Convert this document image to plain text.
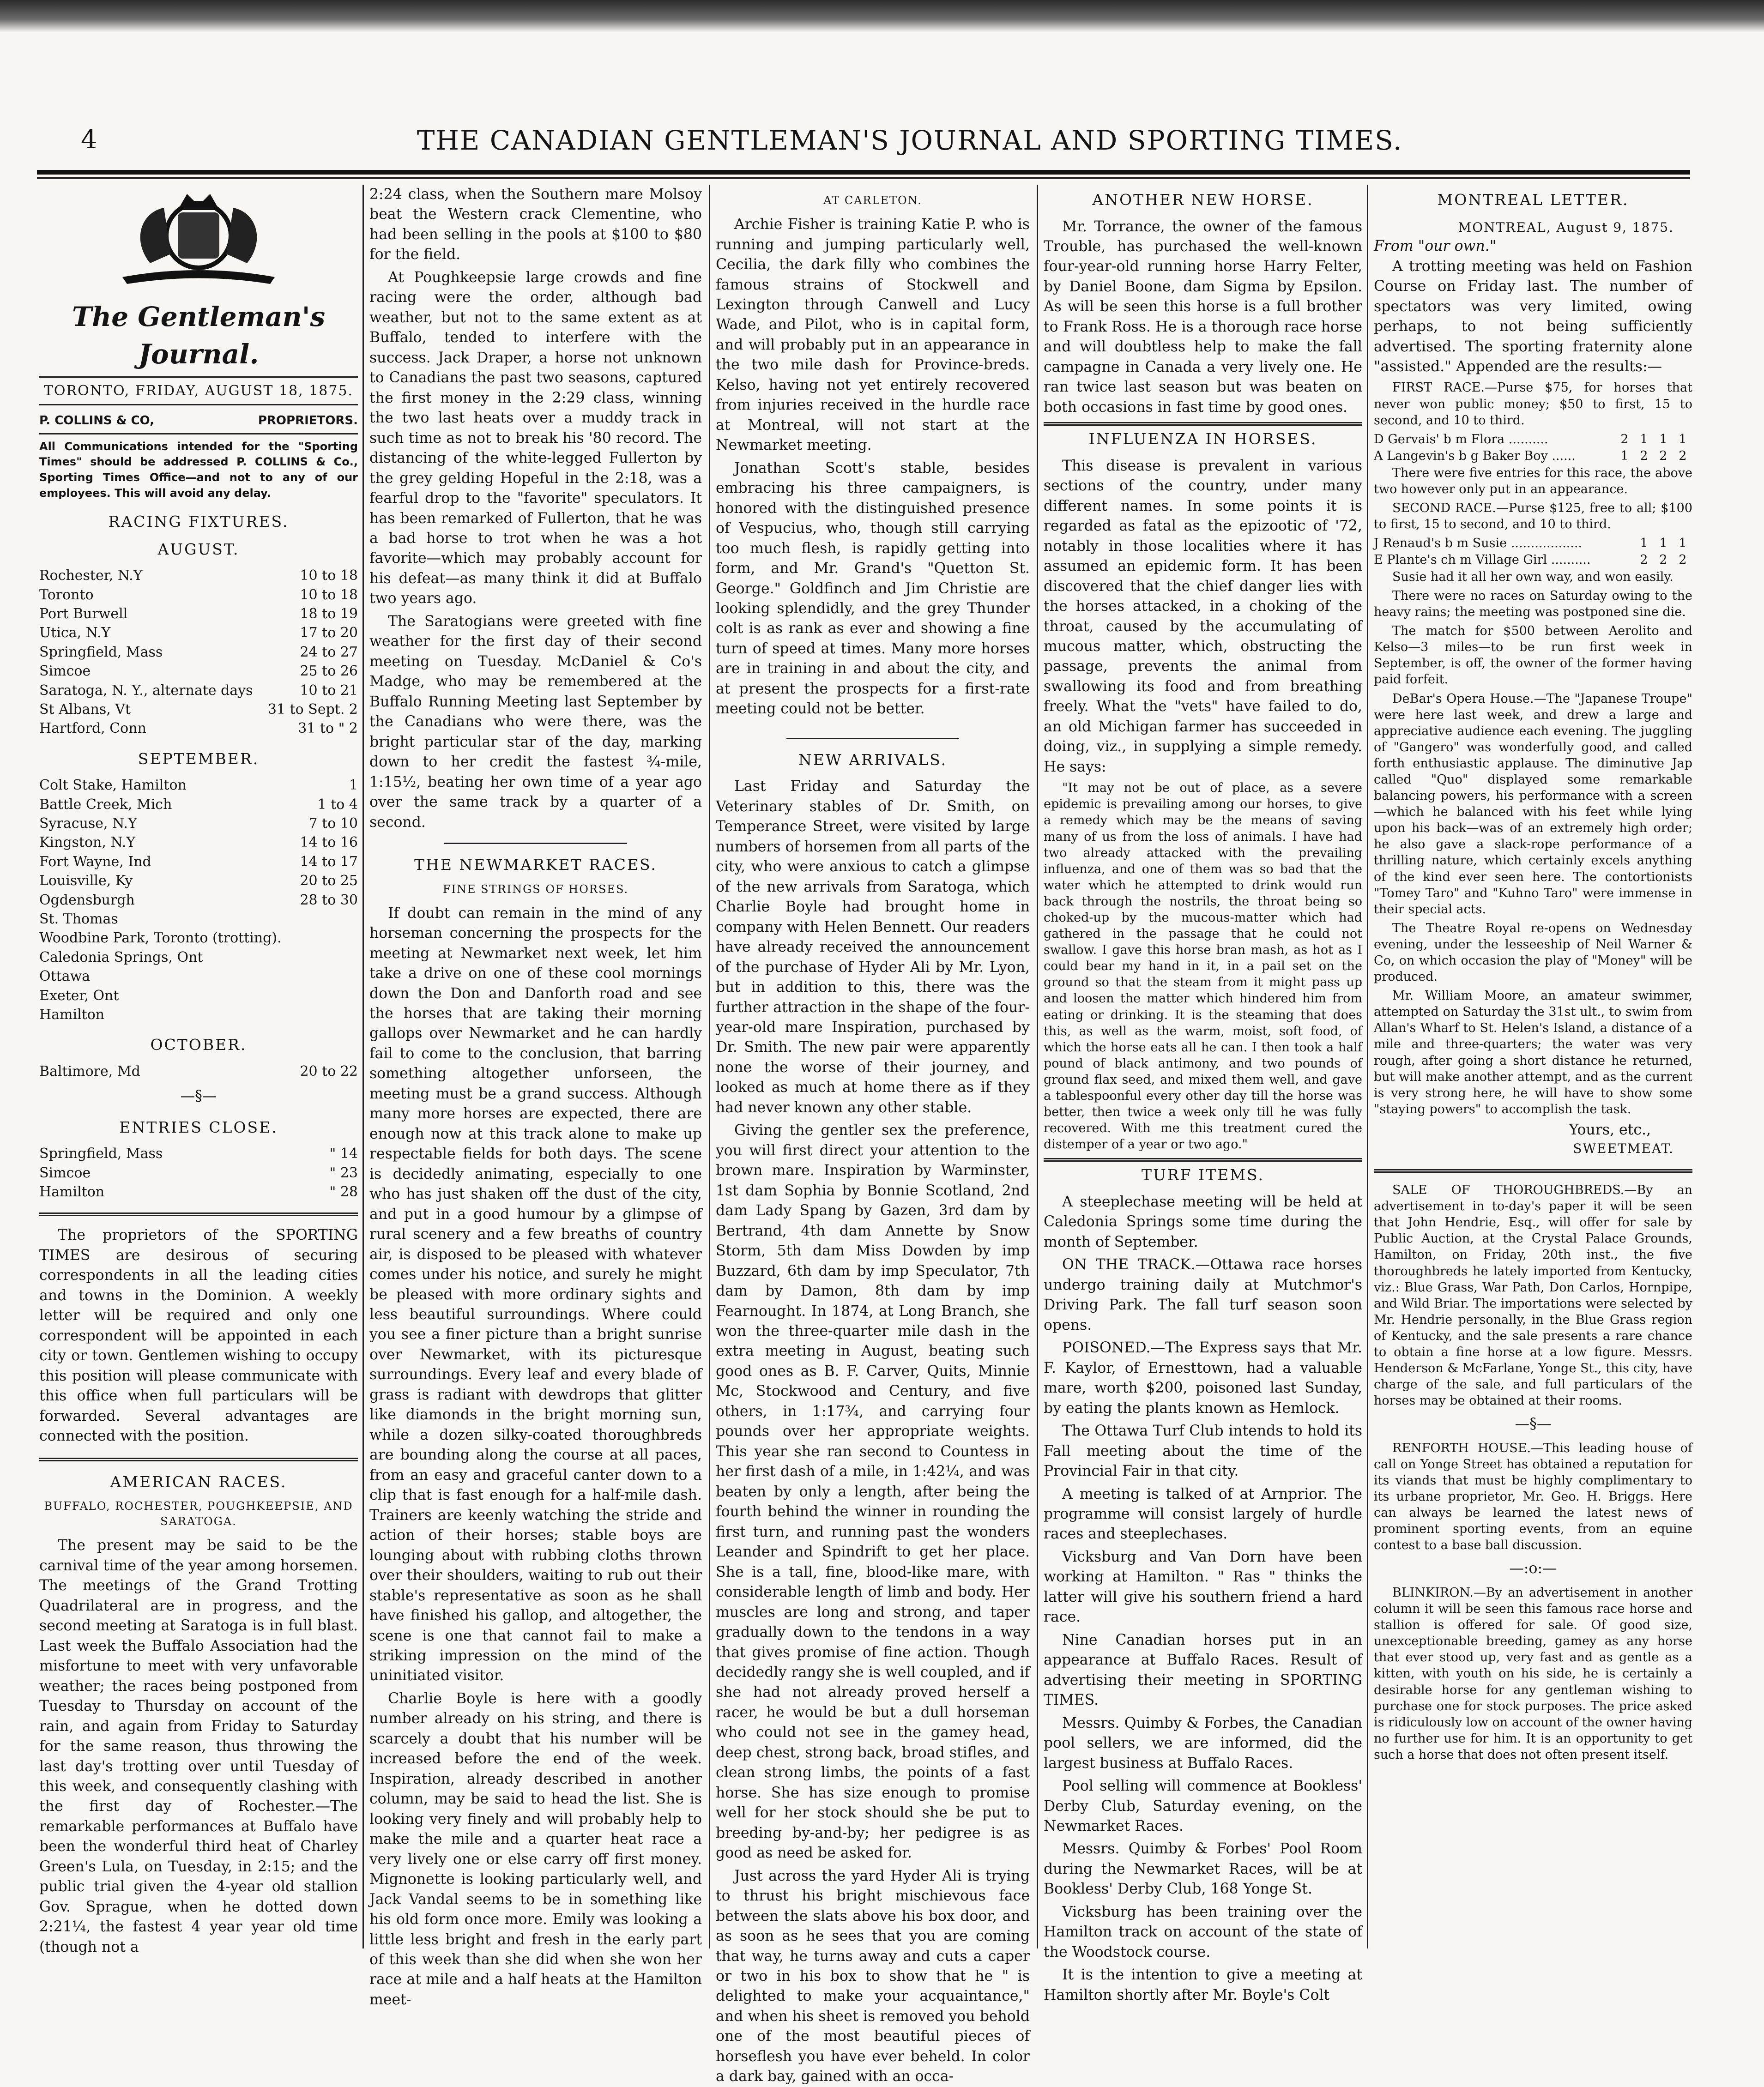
4	THE CANADIAN GENTLEMAN'S JOURNAL AND SPORTING TIMES.
The Gentleman's Journal.
TORONTO, FRIDAY, AUGUST 18, 1875.
P. COLLINS & CO,	PROPRIETORS.

All Communications intended for the "Sporting Times" should be addressed P. COLLINS & Co., Sporting Times Office—and not to any of our employees. This will avoid any delay.

RACING FIXTURES.
AUGUST.
Rochester, N.Y	10 to 18
Toronto	10 to 18
Port Burwell	18 to 19
Utica, N.Y	17 to 20
Springfield, Mass	24 to 27
Simcoe	25 to 26
Saratoga, N. Y., alternate days	10 to 21
St Albans, Vt	31 to Sept. 2
Hartford, Conn	31 to " 2
SEPTEMBER.
Colt Stake, Hamilton	1
Battle Creek, Mich	1 to 4
Syracuse, N.Y	7 to 10
Kingston, N.Y	14 to 16
Fort Wayne, Ind	14 to 17
Louisville, Ky	20 to 25
Ogdensburgh	28 to 30
St. Thomas
Woodbine Park, Toronto (trotting).
Caledonia Springs, Ont
Ottawa
Exeter, Ont
Hamilton
OCTOBER.
Baltimore, Md	20 to 22
—§—
ENTRIES CLOSE.
Springfield, Mass	" 14
Simcoe	" 23
Hamilton	" 28

The proprietors of the SPORTING TIMES are desirous of securing correspondents in all the leading cities and towns in the Dominion. A weekly letter will be required and only one correspondent will be appointed in each city or town. Gentlemen wishing to occupy this position will please communicate with this office when full particulars will be forwarded. Several advantages are connected with the position.

AMERICAN RACES.
BUFFALO, ROCHESTER, POUGHKEEPSIE, AND SARATOGA.

The present may be said to be the carnival time of the year among horsemen. The meetings of the Grand Trotting Quadrilateral are in progress, and the second meeting at Saratoga is in full blast. Last week the Buffalo Association had the misfortune to meet with very unfavorable weather; the races being postponed from Tuesday to Thursday on account of the rain, and again from Friday to Saturday for the same reason, thus throwing the last day's trotting over until Tuesday of this week, and consequently clashing with the first day of Rochester.—The remarkable performances at Buffalo have been the wonderful third heat of Charley Green's Lula, on Tuesday, in 2:15; and the public trial given the 4-year old stallion Gov. Sprague, when he dotted down 2:21¼, the fastest 4 year year old time (though not a

2:24 class, when the Southern mare Molsoy beat the Western crack Clementine, who had been selling in the pools at $100 to $80 for the field.

At Poughkeepsie large crowds and fine racing were the order, although bad weather, but not to the same extent as at Buffalo, tended to interfere with the success. Jack Draper, a horse not unknown to Canadians the past two seasons, captured the first money in the 2:29 class, winning the two last heats over a muddy track in such time as not to break his '80 record. The distancing of the white-legged Fullerton by the grey gelding Hopeful in the 2:18, was a fearful drop to the "favorite" speculators. It has been remarked of Fullerton, that he was a bad horse to trot when he was a hot favorite—which may probably account for his defeat—as many think it did at Buffalo two years ago.

The Saratogians were greeted with fine weather for the first day of their second meeting on Tuesday. McDaniel & Co's Madge, who may be remembered at the Buffalo Running Meeting last September by the Canadians who were there, was the bright particular star of the day, marking down to her credit the fastest ¾-mile, 1:15½, beating her own time of a year ago over the same track by a quarter of a second.

THE NEWMARKET RACES.
FINE STRINGS OF HORSES.

If doubt can remain in the mind of any horseman concerning the prospects for the meeting at Newmarket next week, let him take a drive on one of these cool mornings down the Don and Danforth road and see the horses that are taking their morning gallops over Newmarket and he can hardly fail to come to the conclusion, that barring something altogether unforseen, the meeting must be a grand success. Although many more horses are expected, there are enough now at this track alone to make up respectable fields for both days. The scene is decidedly animating, especially to one who has just shaken off the dust of the city, and put in a good humour by a glimpse of rural scenery and a few breaths of country air, is disposed to be pleased with whatever comes under his notice, and surely he might be pleased with more ordinary sights and less beautiful surroundings. Where could you see a finer picture than a bright sunrise over Newmarket, with its picturesque surroundings. Every leaf and every blade of grass is radiant with dewdrops that glitter like diamonds in the bright morning sun, while a dozen silky-coated thoroughbreds are bounding along the course at all paces, from an easy and graceful canter down to a clip that is fast enough for a half-mile dash. Trainers are keenly watching the stride and action of their horses; stable boys are lounging about with rubbing cloths thrown over their shoulders, waiting to rub out their stable's representative as soon as he shall have finished his gallop, and altogether, the scene is one that cannot fail to make a striking impression on the mind of the uninitiated visitor.

Charlie Boyle is here with a goodly number already on his string, and there is scarcely a doubt that his number will be increased before the end of the week. Inspiration, already described in another column, may be said to head the list. She is looking very finely and will probably help to make the mile and a quarter heat race a very lively one or else carry off first money. Mignonette is looking particularly well, and Jack Vandal seems to be in something like his old form once more. Emily was looking a little less bright and fresh in the early part of this week than she did when she won her race at mile and a half heats at the Hamilton meet-

AT CARLETON.

Archie Fisher is training Katie P. who is running and jumping particularly well, Cecilia, the dark filly who combines the famous strains of Stockwell and Lexington through Canwell and Lucy Wade, and Pilot, who is in capital form, and will probably put in an appearance in the two mile dash for Province-breds. Kelso, having not yet entirely recovered from injuries received in the hurdle race at Montreal, will not start at the Newmarket meeting.

Jonathan Scott's stable, besides embracing his three campaigners, is honored with the distinguished presence of Vespucius, who, though still carrying too much flesh, is rapidly getting into form, and Mr. Grand's "Quetton St. George." Goldfinch and Jim Christie are looking splendidly, and the grey Thunder colt is as rank as ever and showing a fine turn of speed at times. Many more horses are in training in and about the city, and at present the prospects for a first-rate meeting could not be better.

NEW ARRIVALS.

Last Friday and Saturday the Veterinary stables of Dr. Smith, on Temperance Street, were visited by large numbers of horsemen from all parts of the city, who were anxious to catch a glimpse of the new arrivals from Saratoga, which Charlie Boyle had brought home in company with Helen Bennett. Our readers have already received the announcement of the purchase of Hyder Ali by Mr. Lyon, but in addition to this, there was the further attraction in the shape of the four-year-old mare Inspiration, purchased by Dr. Smith. The new pair were apparently none the worse of their journey, and looked as much at home there as if they had never known any other stable.

Giving the gentler sex the preference, you will first direct your attention to the brown mare. Inspiration by Warminster, 1st dam Sophia by Bonnie Scotland, 2nd dam Lady Spang by Gazen, 3rd dam by Bertrand, 4th dam Annette by Snow Storm, 5th dam Miss Dowden by imp Buzzard, 6th dam by imp Speculator, 7th dam by Damon, 8th dam by imp Fearnought. In 1874, at Long Branch, she won the three-quarter mile dash in the extra meeting in August, beating such good ones as B. F. Carver, Quits, Minnie Mc, Stockwood and Century, and five others, in 1:17¾, and carrying four pounds over her appropriate weights. This year she ran second to Countess in her first dash of a mile, in 1:42¼, and was beaten by only a length, after being the fourth behind the winner in rounding the first turn, and running past the wonders Leander and Spindrift to get her place. She is a tall, fine, blood-like mare, with considerable length of limb and body. Her muscles are long and strong, and taper gradually down to the tendons in a way that gives promise of fine action. Though decidedly rangy she is well coupled, and if she had not already proved herself a racer, he would be but a dull horseman who could not see in the gamey head, deep chest, strong back, broad stifles, and clean strong limbs, the points of a fast horse. She has size enough to promise well for her stock should she be put to breeding by-and-by; her pedigree is as good as need be asked for.

Just across the yard Hyder Ali is trying to thrust his bright mischievous face between the slats above his box door, and as soon as he sees that you are coming that way, he turns away and cuts a caper or two in his box to show that he " is delighted to make your acquaintance," and when his sheet is removed you behold one of the most beautiful pieces of horseflesh you have ever beheld. In color a dark bay, gained with an occa-

ANOTHER NEW HORSE.

Mr. Torrance, the owner of the famous Trouble, has purchased the well-known four-year-old running horse Harry Felter, by Daniel Boone, dam Sigma by Epsilon. As will be seen this horse is a full brother to Frank Ross. He is a thorough race horse and will doubtless help to make the fall campagne in Canada a very lively one. He ran twice last season but was beaten on both occasions in fast time by good ones.

INFLUENZA IN HORSES.

This disease is prevalent in various sections of the country, under many different names. In some points it is regarded as fatal as the epizootic of '72, notably in those localities where it has assumed an epidemic form. It has been discovered that the chief danger lies with the horses attacked, in a choking of the throat, caused by the accumulating of mucous matter, which, obstructing the passage, prevents the animal from swallowing its food and from breathing freely. What the "vets" have failed to do, an old Michigan farmer has succeeded in doing, viz., in supplying a simple remedy. He says:

"It may not be out of place, as a severe epidemic is prevailing among our horses, to give a remedy which may be the means of saving many of us from the loss of animals. I have had two already attacked with the prevailing influenza, and one of them was so bad that the water which he attempted to drink would run back through the nostrils, the throat being so choked-up by the mucous-matter which had gathered in the passage that he could not swallow. I gave this horse bran mash, as hot as I could bear my hand in it, in a pail set on the ground so that the steam from it might pass up and loosen the matter which hindered him from eating or drinking. It is the steaming that does this, as well as the warm, moist, soft food, of which the horse eats all he can. I then took a half pound of black antimony, and two pounds of ground flax seed, and mixed them well, and gave a tablespoonful every other day till the horse was better, then twice a week only till he was fully recovered. With me this treatment cured the distemper of a year or two ago."

TURF ITEMS.

A steeplechase meeting will be held at Caledonia Springs some time during the month of September.

ON THE TRACK.—Ottawa race horses undergo training daily at Mutchmor's Driving Park. The fall turf season soon opens.

POISONED.—The Express says that Mr. F. Kaylor, of Ernesttown, had a valuable mare, worth $200, poisoned last Sunday, by eating the plants known as Hemlock.

The Ottawa Turf Club intends to hold its Fall meeting about the time of the Provincial Fair in that city.

A meeting is talked of at Arnprior. The programme will consist largely of hurdle races and steeplechases.

Vicksburg and Van Dorn have been working at Hamilton. " Ras " thinks the latter will give his southern friend a hard race.

Nine Canadian horses put in an appearance at Buffalo Races. Result of advertising their meeting in SPORTING TIMES.

Messrs. Quimby & Forbes, the Canadian pool sellers, we are informed, did the largest business at Buffalo Races.

Pool selling will commence at Bookless' Derby Club, Saturday evening, on the Newmarket Races.

Messrs. Quimby & Forbes' Pool Room during the Newmarket Races, will be at Bookless' Derby Club, 168 Yonge St.

Vicksburg has been training over the Hamilton track on account of the state of the Woodstock course.

It is the intention to give a meeting at Hamilton shortly after Mr. Boyle's Colt

MONTREAL LETTER.
MONTREAL, August 9, 1875.
From "our own."

A trotting meeting was held on Fashion Course on Friday last. The number of spectators was very limited, owing perhaps, to not being sufficiently advertised. The sporting fraternity alone "assisted." Appended are the results:—

FIRST RACE.—Purse $75, for horses that never won public money; $50 to first, 15 to second, and 10 to third.

D Gervais' b m Flora ..........	2 1 1 1
A Langevin's b g Baker Boy ......	1 2 2 2

There were five entries for this race, the above two however only put in an appearance.

SECOND RACE.—Purse $125, free to all; $100 to first, 15 to second, and 10 to third.

J Renaud's b m Susie ..................	1 1 1
E Plante's ch m Village Girl ..........	2 2 2

Susie had it all her own way, and won easily.

There were no races on Saturday owing to the heavy rains; the meeting was postponed sine die.

The match for $500 between Aerolito and Kelso—3 miles—to be run first week in September, is off, the owner of the former having paid forfeit.

DeBar's Opera House.—The "Japanese Troupe" were here last week, and drew a large and appreciative audience each evening. The juggling of "Gangero" was wonderfully good, and called forth enthusiastic applause. The diminutive Jap called "Quo" displayed some remarkable balancing powers, his performance with a screen—which he balanced with his feet while lying upon his back—was of an extremely high order; he also gave a slack-rope performance of a thrilling nature, which certainly excels anything of the kind ever seen here. The contortionists "Tomey Taro" and "Kuhno Taro" were immense in their special acts.

The Theatre Royal re-opens on Wednesday evening, under the lesseeship of Neil Warner & Co, on which occasion the play of "Money" will be produced.

Mr. William Moore, an amateur swimmer, attempted on Saturday the 31st ult., to swim from Allan's Wharf to St. Helen's Island, a distance of a mile and three-quarters; the water was very rough, after going a short distance he returned, but will make another attempt, and as the current is very strong here, he will have to show some "staying powers" to accomplish the task.

Yours, etc.,
SWEETMEAT.

SALE OF THOROUGHBREDS.—By an advertisement in to-day's paper it will be seen that John Hendrie, Esq., will offer for sale by Public Auction, at the Crystal Palace Grounds, Hamilton, on Friday, 20th inst., the five thoroughbreds he lately imported from Kentucky, viz.: Blue Grass, War Path, Don Carlos, Hornpipe, and Wild Briar. The importations were selected by Mr. Hendrie personally, in the Blue Grass region of Kentucky, and the sale presents a rare chance to obtain a fine horse at a low figure. Messrs. Henderson & McFarlane, Yonge St., this city, have charge of the sale, and full particulars of the horses may be obtained at their rooms.

—§—

RENFORTH HOUSE.—This leading house of call on Yonge Street has obtained a reputation for its viands that must be highly complimentary to its urbane proprietor, Mr. Geo. H. Briggs. Here can always be learned the latest news of prominent sporting events, from an equine contest to a base ball discussion.

—:o:—

BLINKIRON.—By an advertisement in another column it will be seen this famous race horse and stallion is offered for sale. Of good size, unexceptionable breeding, gamey as any horse that ever stood up, very fast and as gentle as a kitten, with youth on his side, he is certainly a desirable horse for any gentleman wishing to purchase one for stock purposes. The price asked is ridiculously low on account of the owner having no further use for him. It is an opportunity to get such a horse that does not often present itself.
